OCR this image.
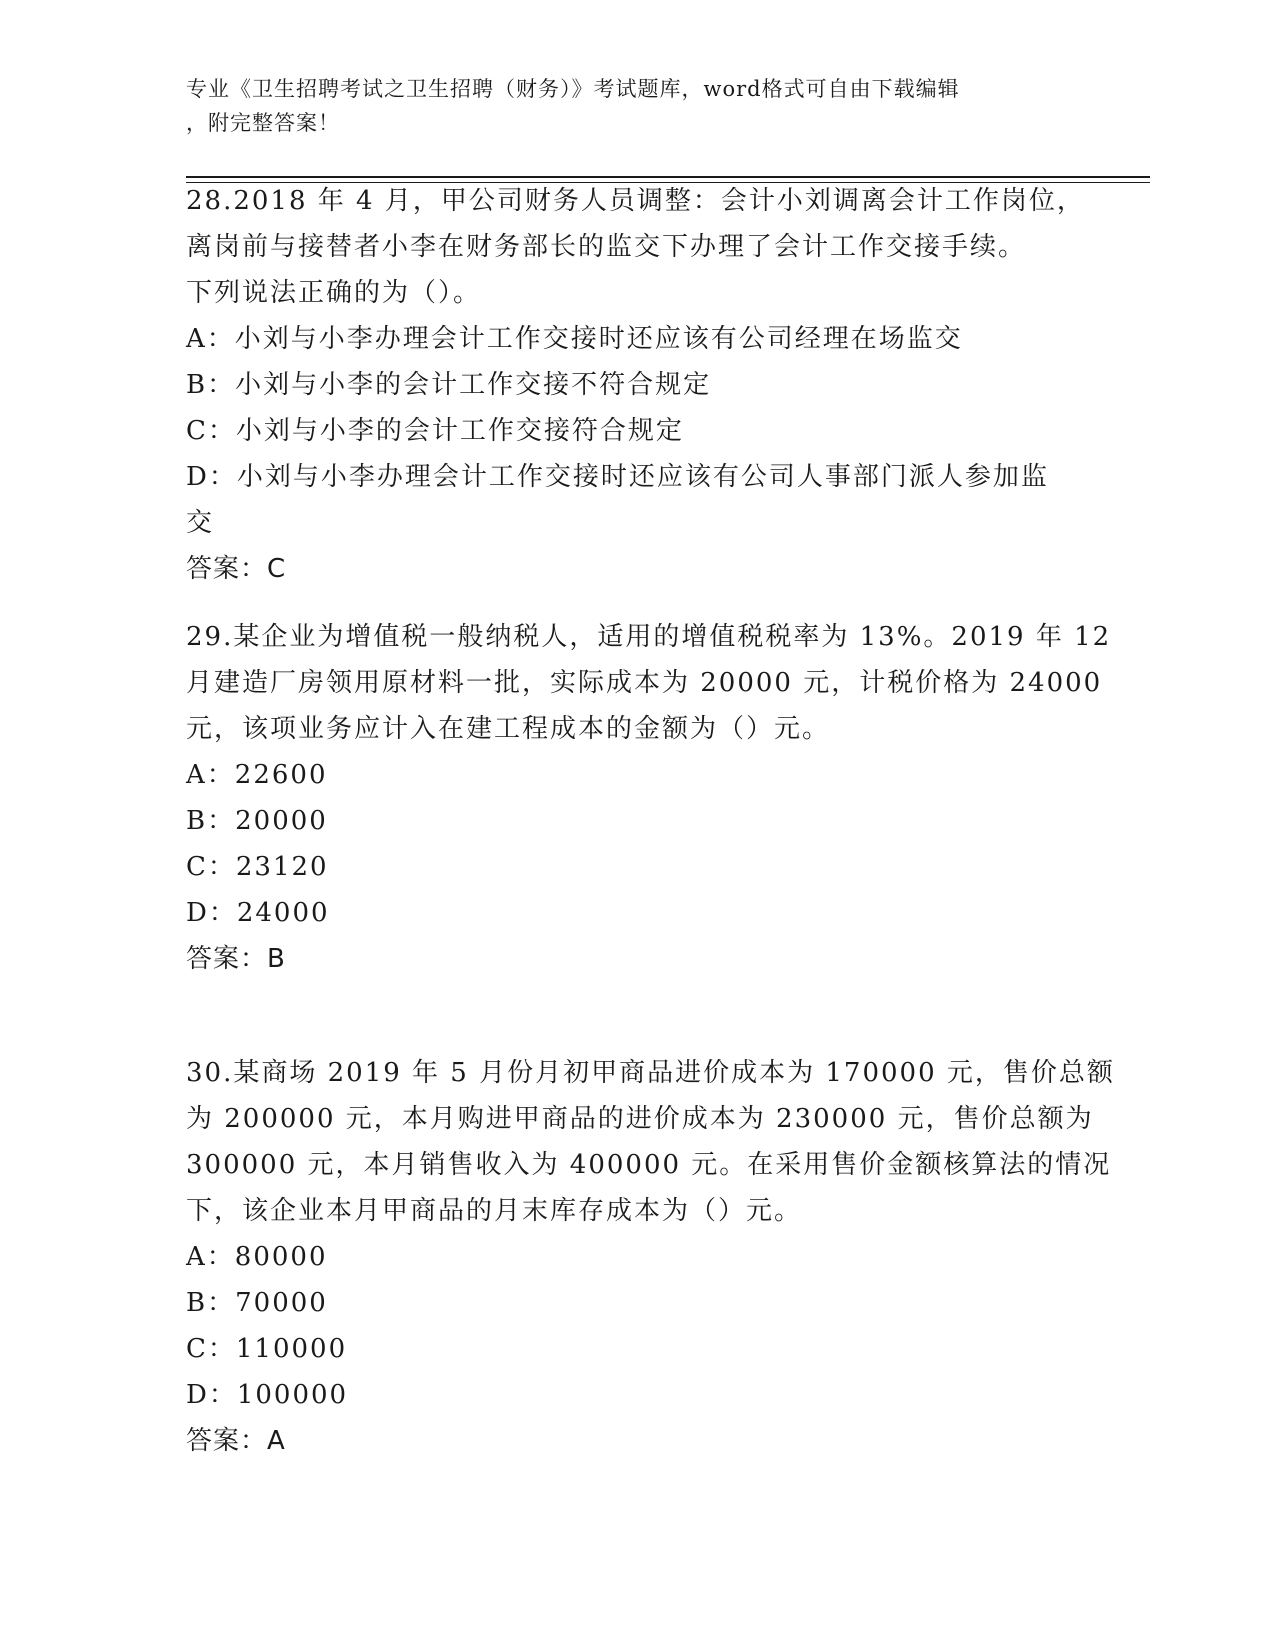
专业《卫生招聘考试之卫生招聘（财务）》考试题库，word格式可自由下载编辑
，附完整答案！
28.2018 年 4 月，甲公司财务人员调整：会计小刘调离会计工作岗位，
离岗前与接替者小李在财务部长的监交下办理了会计工作交接手续。
下列说法正确的为（）。
A：小刘与小李办理会计工作交接时还应该有公司经理在场监交
B：小刘与小李的会计工作交接不符合规定
C：小刘与小李的会计工作交接符合规定
D：小刘与小李办理会计工作交接时还应该有公司人事部门派人参加监
交
答案：C
29.某企业为增值税一般纳税人，适用的增值税税率为 13%。2019 年 12
月建造厂房领用原材料一批，实际成本为 20000 元，计税价格为 24000
元，该项业务应计入在建工程成本的金额为（）元。
A：22600
B：20000
C：23120
D：24000
答案：B
30.某商场 2019 年 5 月份月初甲商品进价成本为 170000 元，售价总额
为 200000 元，本月购进甲商品的进价成本为 230000 元，售价总额为
300000 元，本月销售收入为 400000 元。在采用售价金额核算法的情况
下，该企业本月甲商品的月末库存成本为（）元。
A：80000
B：70000
C：110000
D：100000
答案：A
